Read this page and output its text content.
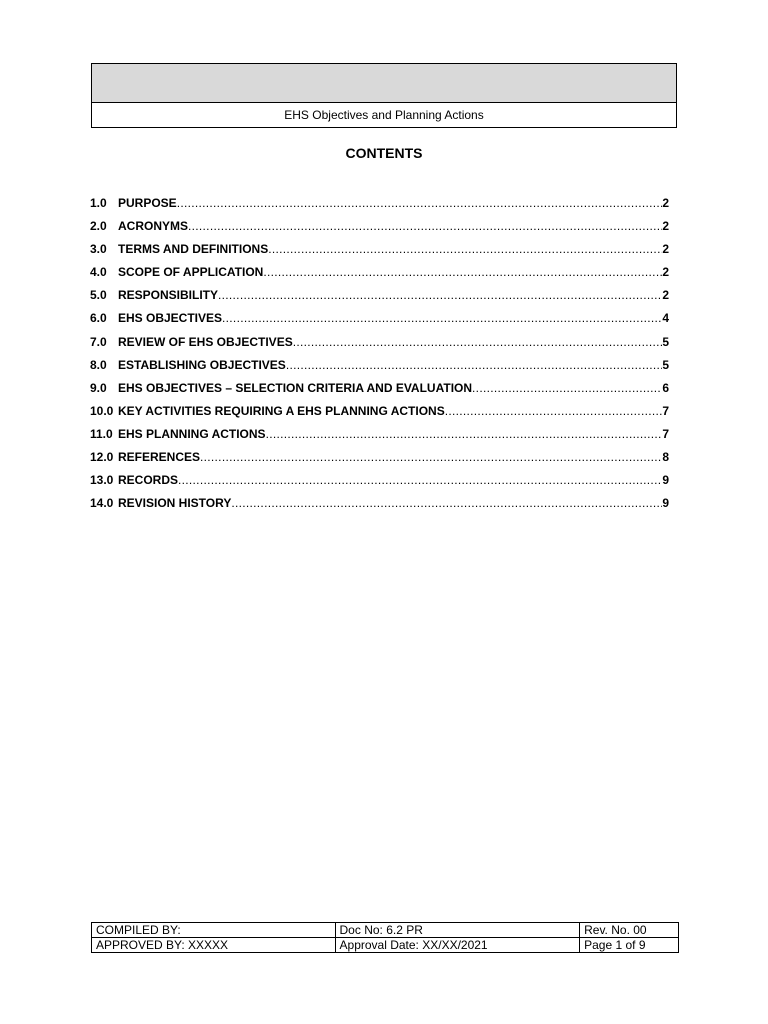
EHS Objectives and Planning Actions
CONTENTS
1.0 PURPOSE .....	2
2.0 ACRONYMS .....	2
3.0 TERMS AND DEFINITIONS .....	2
4.0 SCOPE OF APPLICATION .....	2
5.0 RESPONSIBILITY .....	2
6.0 EHS OBJECTIVES .....	4
7.0 REVIEW OF EHS OBJECTIVES .....	5
8.0 ESTABLISHING OBJECTIVES .....	5
9.0 EHS OBJECTIVES – SELECTION CRITERIA AND EVALUATION .....	6
10.0 KEY ACTIVITIES REQUIRING A EHS PLANNING ACTIONS .....	7
11.0 EHS PLANNING ACTIONS .....	7
12.0 REFERENCES .....	8
13.0 RECORDS .....	9
14.0 REVISION HISTORY .....	9
COMPILED BY:	Doc No: 6.2 PR	Rev. No. 00
APPROVED BY: XXXXX	Approval Date: XX/XX/2021	Page 1 of 9
